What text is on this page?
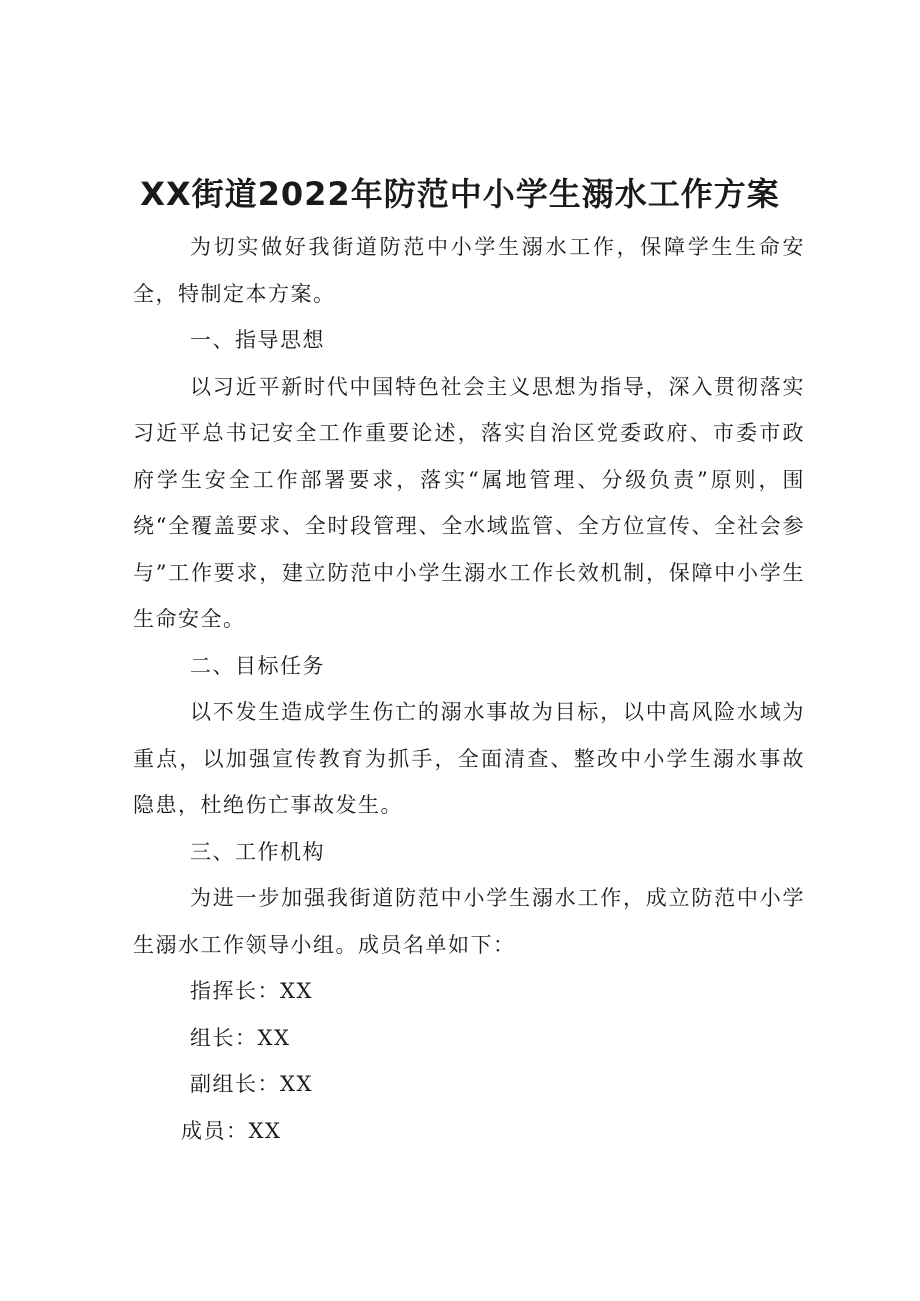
XX街道2022年防范中小学生溺水工作方案

为切实做好我街道防范中小学生溺水工作，保障学生生命安全，特制定本方案。

一、指导思想

以习近平新时代中国特色社会主义思想为指导，深入贯彻落实习近平总书记安全工作重要论述，落实自治区党委政府、市委市政府学生安全工作部署要求，落实“属地管理、分级负责”原则，围绕“全覆盖要求、全时段管理、全水域监管、全方位宣传、全社会参与”工作要求，建立防范中小学生溺水工作长效机制，保障中小学生生命安全。

二、目标任务

以不发生造成学生伤亡的溺水事故为目标，以中高风险水域为重点，以加强宣传教育为抓手，全面清查、整改中小学生溺水事故隐患，杜绝伤亡事故发生。

三、工作机构

为进一步加强我街道防范中小学生溺水工作，成立防范中小学生溺水工作领导小组。成员名单如下：

指挥长：XX

组长：XX

副组长：XX

成员：XX
